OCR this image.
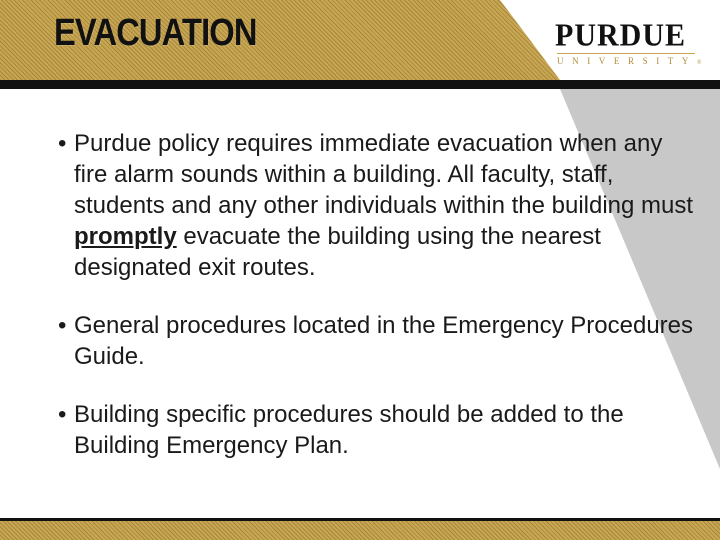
EVACUATION	PURDUE
UNIVERSITY®
• Purdue policy requires immediate evacuation when any fire alarm sounds within a building. All faculty, staff, students and any other individuals within the building must promptly evacuate the building using the nearest designated exit routes.
• General procedures located in the Emergency Procedures Guide.
• Building specific procedures should be added to the Building Emergency Plan.
